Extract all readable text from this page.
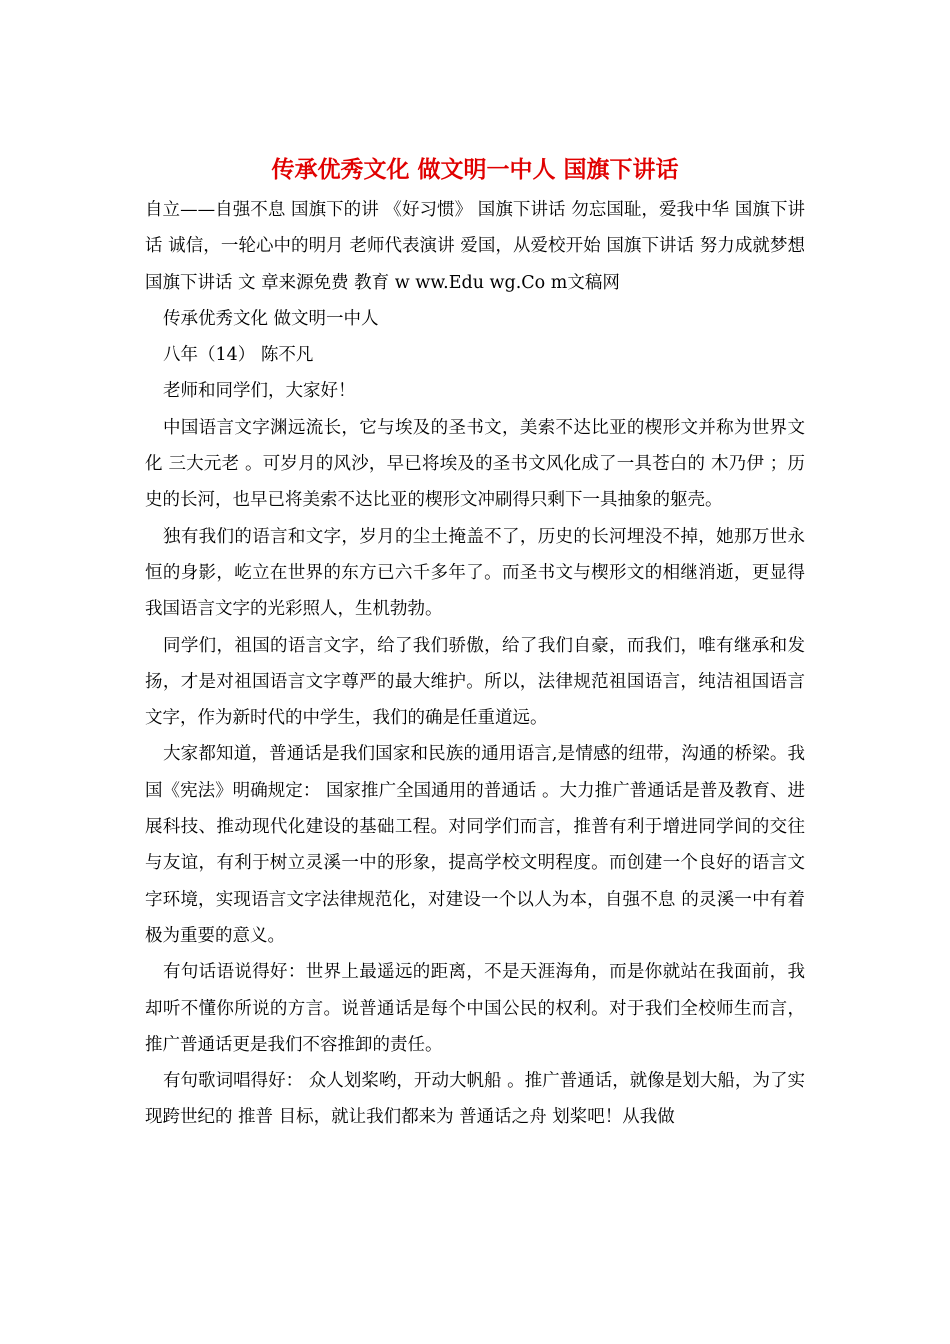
传承优秀文化 做文明一中人 国旗下讲话

自立——自强不息 国旗下的讲 《好习惯》 国旗下讲话 勿忘国耻，爱我中华 国旗下讲话 诚信，一轮心中的明月 老师代表演讲 爱国，从爱校开始 国旗下讲话 努力成就梦想 国旗下讲话 文 章来源免费 教育 w ww.Edu wg.Co m文稿网

传承优秀文化 做文明一中人

八年（14） 陈不凡

老师和同学们，大家好！

中国语言文字渊远流长，它与埃及的圣书文，美索不达比亚的楔形文并称为世界文化 三大元老 。可岁月的风沙，早已将埃及的圣书文风化成了一具苍白的 木乃伊 ；历史的长河，也早已将美索不达比亚的楔形文冲刷得只剩下一具抽象的躯壳。

独有我们的语言和文字，岁月的尘土掩盖不了，历史的长河埋没不掉，她那万世永恒的身影，屹立在世界的东方已六千多年了。而圣书文与楔形文的相继消逝，更显得我国语言文字的光彩照人，生机勃勃。

同学们，祖国的语言文字，给了我们骄傲，给了我们自豪，而我们，唯有继承和发扬，才是对祖国语言文字尊严的最大维护。所以，法律规范祖国语言，纯洁祖国语言文字，作为新时代的中学生，我们的确是任重道远。

大家都知道，普通话是我们国家和民族的通用语言,是情感的纽带，沟通的桥梁。我国《宪法》明确规定： 国家推广全国通用的普通话 。大力推广普通话是普及教育、进展科技、推动现代化建设的基础工程。对同学们而言，推普有利于增进同学间的交往与友谊，有利于树立灵溪一中的形象，提高学校文明程度。而创建一个良好的语言文字环境，实现语言文字法律规范化，对建设一个以人为本，自强不息 的灵溪一中有着极为重要的意义。

有句话语说得好：世界上最遥远的距离，不是天涯海角，而是你就站在我面前，我却听不懂你所说的方言。说普通话是每个中国公民的权利。对于我们全校师生而言，推广普通话更是我们不容推卸的责任。

有句歌词唱得好： 众人划桨哟，开动大帆船 。推广普通话，就像是划大船，为了实现跨世纪的 推普 目标，就让我们都来为 普通话之舟 划桨吧！从我做
